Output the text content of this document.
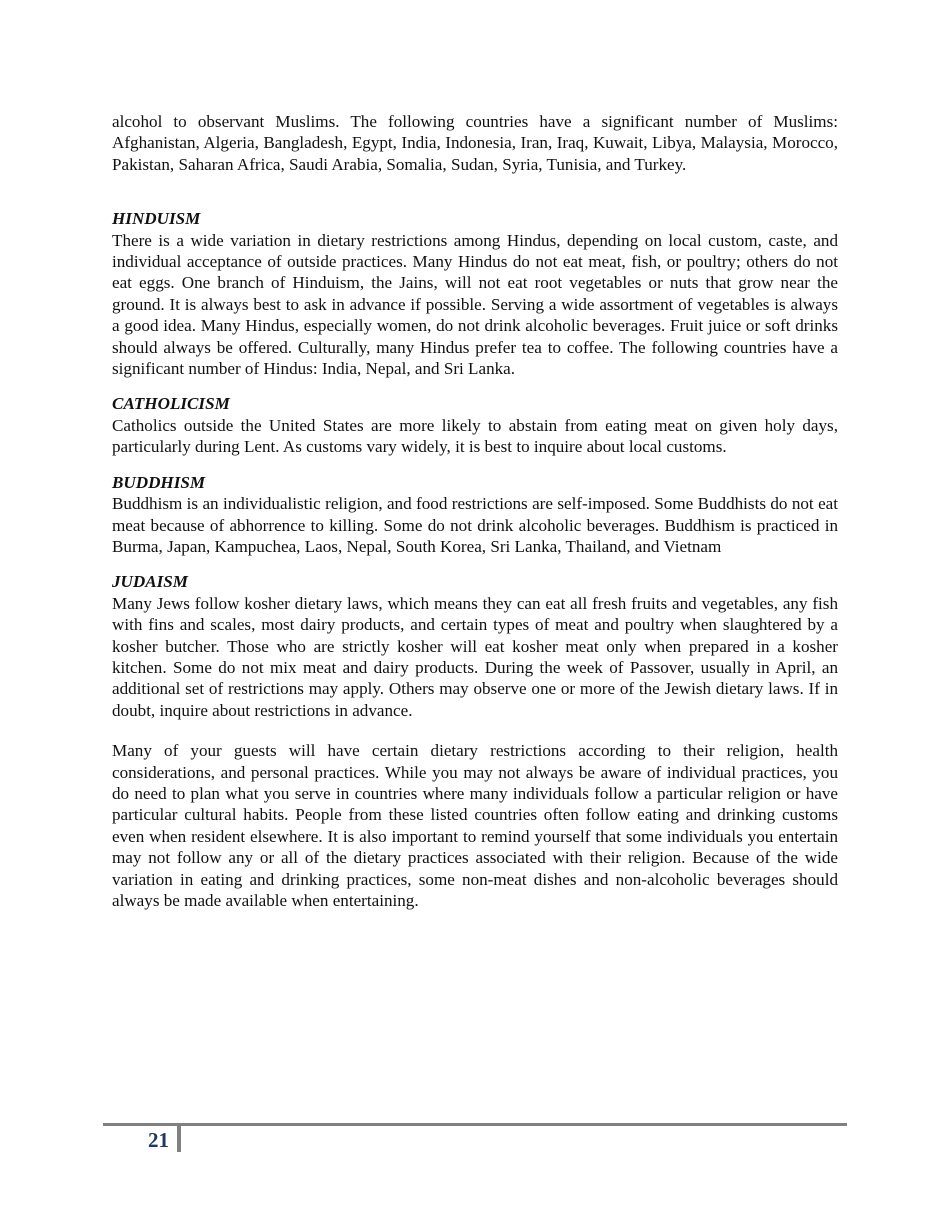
alcohol to observant Muslims. The following countries have a significant number of Muslims: Afghanistan, Algeria, Bangladesh, Egypt, India, Indonesia, Iran, Iraq, Kuwait, Libya, Malaysia, Morocco, Pakistan, Saharan Africa, Saudi Arabia, Somalia, Sudan, Syria, Tunisia, and Turkey.

HINDUISM

There is a wide variation in dietary restrictions among Hindus, depending on local custom, caste, and individual acceptance of outside practices. Many Hindus do not eat meat, fish, or poultry; others do not eat eggs. One branch of Hinduism, the Jains, will not eat root vegetables or nuts that grow near the ground. It is always best to ask in advance if possible. Serving a wide assortment of vegetables is always a good idea. Many Hindus, especially women, do not drink alcoholic beverages. Fruit juice or soft drinks should always be offered. Culturally, many Hindus prefer tea to coffee. The following countries have a significant number of Hindus: India, Nepal, and Sri Lanka.

CATHOLICISM

Catholics outside the United States are more likely to abstain from eating meat on given holy days, particularly during Lent. As customs vary widely, it is best to inquire about local customs.

BUDDHISM

Buddhism is an individualistic religion, and food restrictions are self-imposed. Some Buddhists do not eat meat because of abhorrence to killing. Some do not drink alcoholic beverages. Buddhism is practiced in Burma, Japan, Kampuchea, Laos, Nepal, South Korea, Sri Lanka, Thailand, and Vietnam

JUDAISM

Many Jews follow kosher dietary laws, which means they can eat all fresh fruits and vegetables, any fish with fins and scales, most dairy products, and certain types of meat and poultry when slaughtered by a kosher butcher. Those who are strictly kosher will eat kosher meat only when prepared in a kosher kitchen. Some do not mix meat and dairy products. During the week of Passover, usually in April, an additional set of restrictions may apply. Others may observe one or more of the Jewish dietary laws. If in doubt, inquire about restrictions in advance.

Many of your guests will have certain dietary restrictions according to their religion, health considerations, and personal practices. While you may not always be aware of individual practices, you do need to plan what you serve in countries where many individuals follow a particular religion or have particular cultural habits. People from these listed countries often follow eating and drinking customs even when resident elsewhere. It is also important to remind yourself that some individuals you entertain may not follow any or all of the dietary practices associated with their religion. Because of the wide variation in eating and drinking practices, some non-meat dishes and non-alcoholic beverages should always be made available when entertaining.

21
